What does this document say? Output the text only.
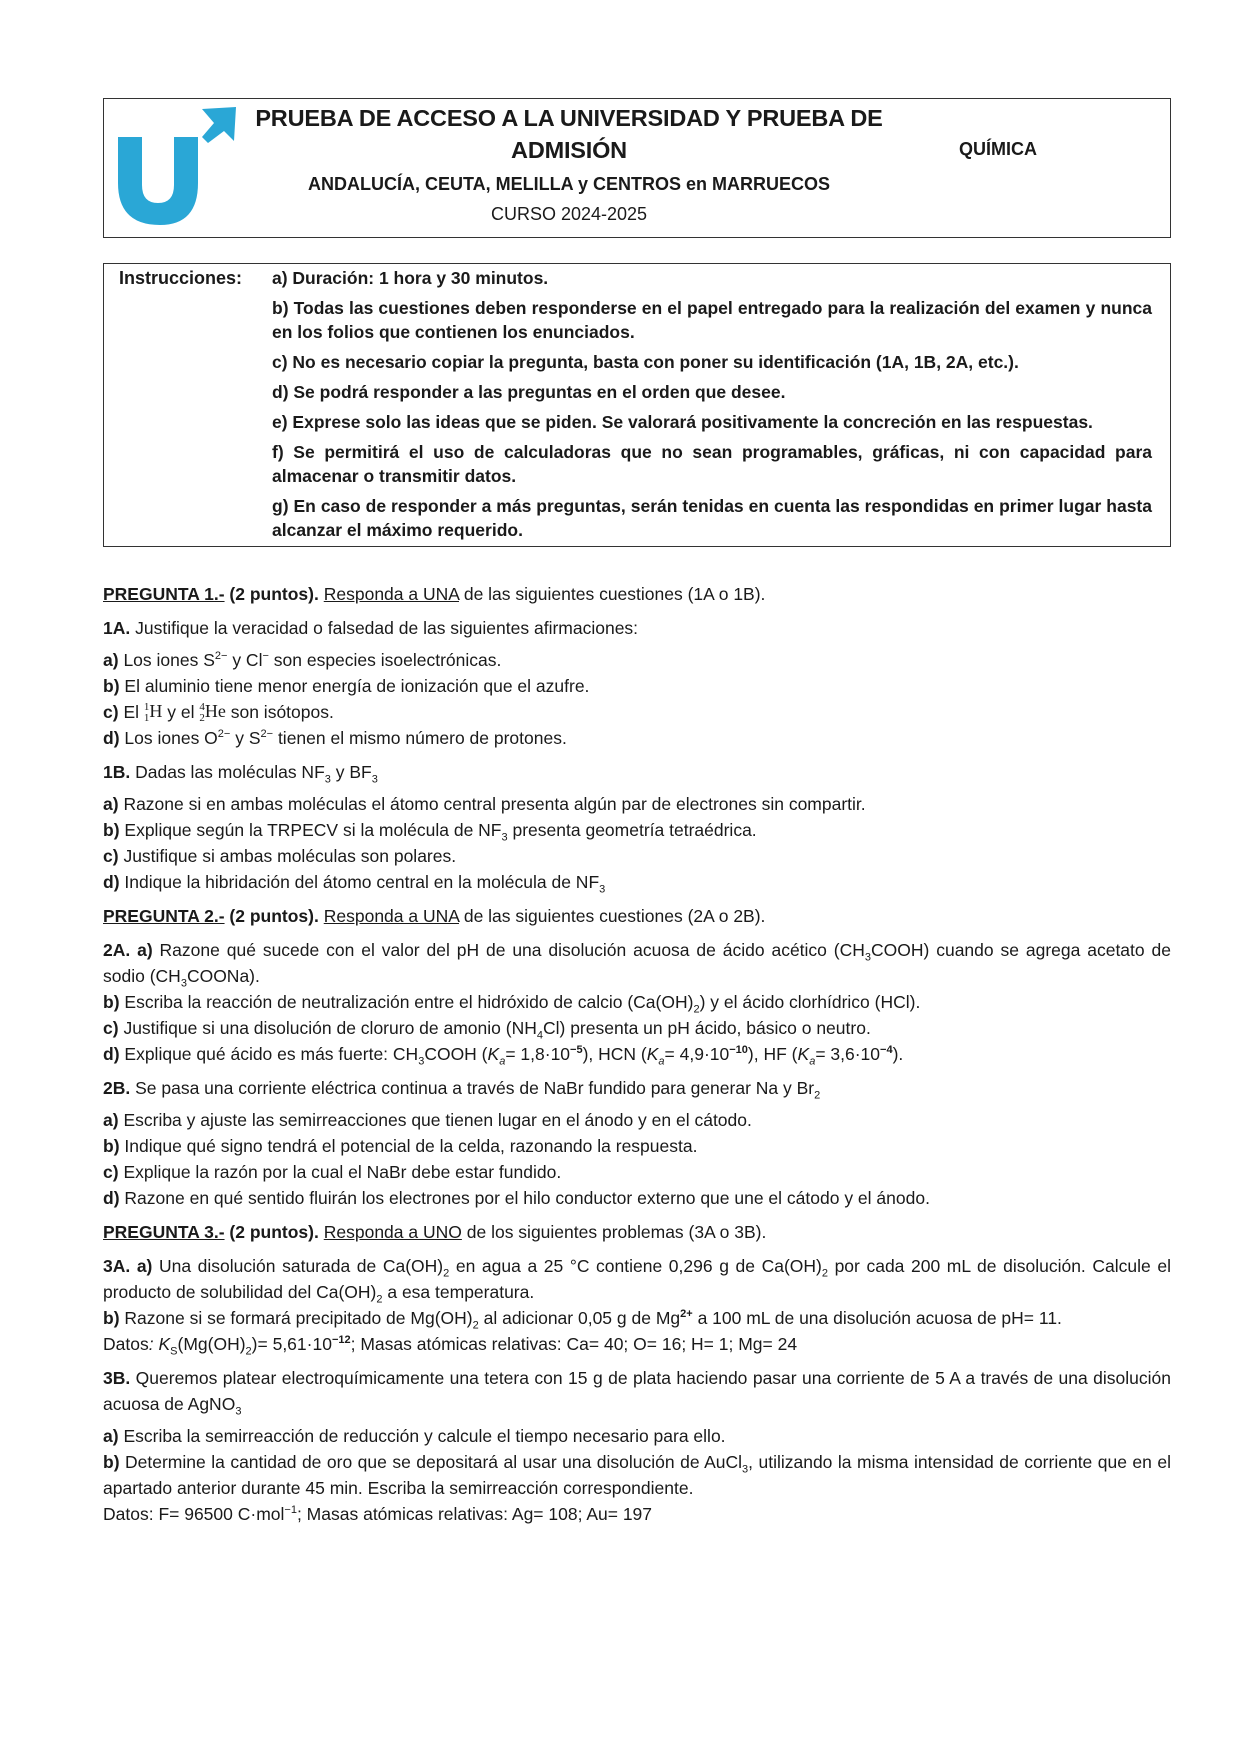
PRUEBA DE ACCESO A LA UNIVERSIDAD Y PRUEBA DE
ADMISIÓN
ANDALUCÍA, CEUTA, MELILLA y CENTROS en MARRUECOS
CURSO 2024-2025
QUÍMICA
Instrucciones: a) Duración: 1 hora y 30 minutos.
b) Todas las cuestiones deben responderse en el papel entregado para la realización del examen y nunca en los folios que contienen los enunciados.
c) No es necesario copiar la pregunta, basta con poner su identificación (1A, 1B, 2A, etc.).
d) Se podrá responder a las preguntas en el orden que desee.
e) Exprese solo las ideas que se piden. Se valorará positivamente la concreción en las respuestas.
f) Se permitirá el uso de calculadoras que no sean programables, gráficas, ni con capacidad para almacenar o transmitir datos.
g) En caso de responder a más preguntas, serán tenidas en cuenta las respondidas en primer lugar hasta alcanzar el máximo requerido.

PREGUNTA 1.- (2 puntos). Responda a UNA de las siguientes cuestiones (1A o 1B).

1A. Justifique la veracidad o falsedad de las siguientes afirmaciones:

a) Los iones $S^{2-}$ y Cl− son especies isoelectrónicas.

b) El aluminio tiene menor energía de ionización que el azufre.

c) El 1
1 H y el 4
2 He son isótopos.

d) Los iones $O^{2-}$ y $S^{2-}$ tienen el mismo número de protones.

1B. Dadas las moléculas $NF_3$ y $BF_3$

a) Razone si en ambas moléculas el átomo central presenta algún par de electrones sin compartir.

b) Explique según la TRPECV si la molécula de $NF_3$ presenta geometría tetraédrica.

c) Justifique si ambas moléculas son polares.

d) Indique la hibridación del átomo central en la molécula de $NF_3$

PREGUNTA 2.- (2 puntos). Responda a UNA de las siguientes cuestiones (2A o 2B).

2A. a) Razone qué sucede con el valor del pH de una disolución acuosa de ácido acético $(CH_3COOH)$ cuando se agrega acetato de sodio $(CH_3COONa)$.

b) Escriba la reacción de neutralización entre el hidróxido de calcio $(Ca(OH)_2)$ y el ácido clorhídrico (HCl).

c) Justifique si una disolución de cloruro de amonio $(NH_4Cl)$ presenta un pH ácido, básico o neutro.

d) Explique qué ácido es más fuerte: $CH_3COOH$ $(K_a= 1,8\cdot 10^{-5})$, HCN $(K_a= 4,9\cdot 10^{-10})$, HF $(K_a= 3,6\cdot 10^{-4})$.

2B. Se pasa una corriente eléctrica continua a través de NaBr fundido para generar Na y $Br_2$

a) Escriba y ajuste las semirreacciones que tienen lugar en el ánodo y en el cátodo.

b) Indique qué signo tendrá el potencial de la celda, razonando la respuesta.

c) Explique la razón por la cual el NaBr debe estar fundido.

d) Razone en qué sentido fluirán los electrones por el hilo conductor externo que une el cátodo y el ánodo.

PREGUNTA 3.- (2 puntos). Responda a UNO de los siguientes problemas (3A o 3B).

3A. a) Una disolución saturada de $Ca(OH)_2$ en agua a 25 °C contiene 0,296 g de $Ca(OH)_2$ por cada 200 mL de disolución. Calcule el producto de solubilidad del $Ca(OH)_2$ a esa temperatura.

b) Razone si se formará precipitado de $Mg(OH)_2$ al adicionar 0,05 g de $Mg^{2+}$ a 100 mL de una disolución acuosa de pH= 11.

Datos: $K_S(Mg(OH)_2)= 5,61\cdot 10^{-12}$; Masas atómicas relativas: Ca= 40; O= 16; H= 1; Mg= 24

3B. Queremos platear electroquímicamente una tetera con 15 g de plata haciendo pasar una corriente de 5 A a través de una disolución acuosa de AgNO$_3$

a) Escriba la semirreacción de reducción y calcule el tiempo necesario para ello.

b) Determine la cantidad de oro que se depositará al usar una disolución de AuCl$_3$, utilizando la misma intensidad de corriente que en el apartado anterior durante 45 min. Escriba la semirreacción correspondiente.

Datos: F= 96500 C·mol$^{-1}$; Masas atómicas relativas: Ag= 108; Au= 197
